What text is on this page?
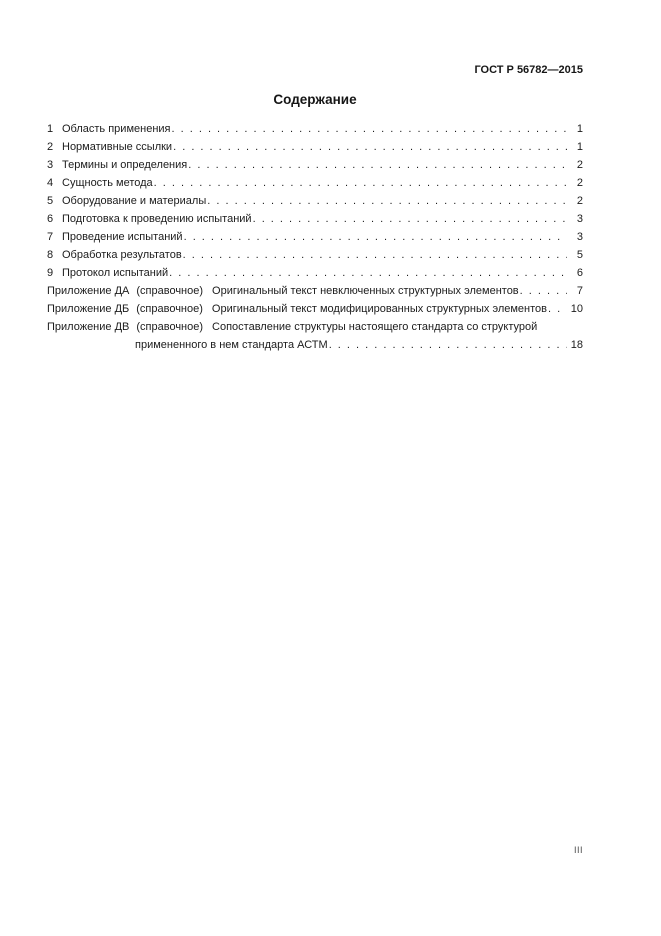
ГОСТ Р 56782—2015
Содержание
1 Область применения . . .	1
2 Нормативные ссылки . . .	1
3 Термины и определения . . .	2
4 Сущность метода . . .	2
5 Оборудование и материалы . . .	2
6 Подготовка к проведению испытаний . . .	3
7 Проведение испытаний . . .	3
8 Обработка результатов . . .	5
9 Протокол испытаний . . .	6
Приложение ДА (справочное) Оригинальный текст невключенных структурных элементов . . .	7
Приложение ДБ (справочное) Оригинальный текст модифицированных структурных элементов . . . 10
Приложение ДВ (справочное) Сопоставление структуры настоящего стандарта со структурой
примененного в нем стандарта АСТМ . . .	18
III
